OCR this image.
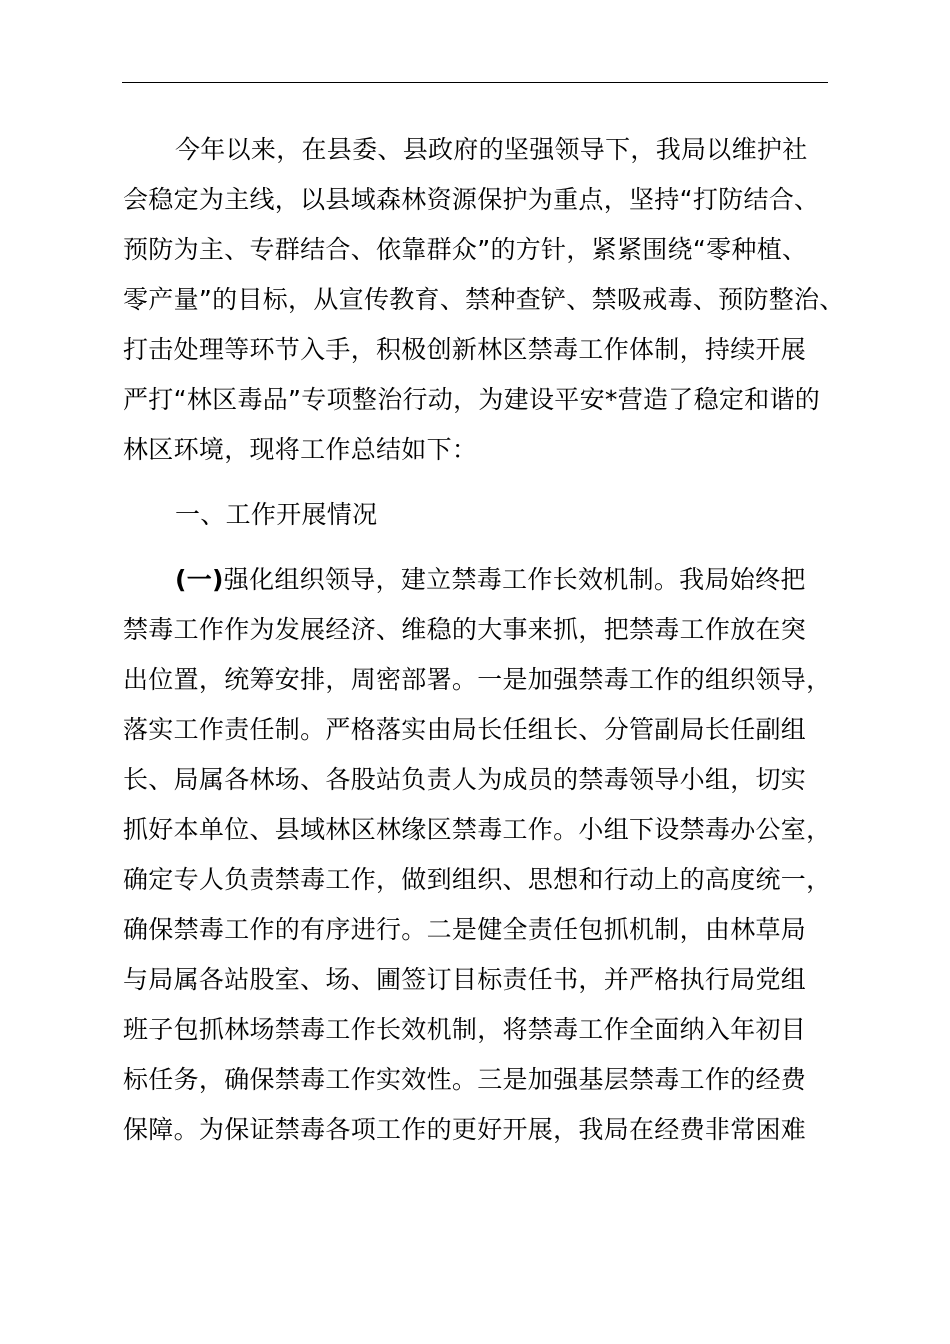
今年以来，在县委、县政府的坚强领导下，我局以维护社
会稳定为主线，以县域森林资源保护为重点，坚持“打防结合、
预防为主、专群结合、依靠群众”的方针，紧紧围绕“零种植、
零产量”的目标，从宣传教育、禁种查铲、禁吸戒毒、预防整治、
打击处理等环节入手，积极创新林区禁毒工作体制，持续开展
严打“林区毒品”专项整治行动，为建设平安*营造了稳定和谐的
林区环境，现将工作总结如下：
一、工作开展情况
(一)强化组织领导，建立禁毒工作长效机制。我局始终把
禁毒工作作为发展经济、维稳的大事来抓，把禁毒工作放在突
出位置，统筹安排，周密部署。一是加强禁毒工作的组织领导，
落实工作责任制。严格落实由局长任组长、分管副局长任副组
长、局属各林场、各股站负责人为成员的禁毒领导小组，切实
抓好本单位、县域林区林缘区禁毒工作。小组下设禁毒办公室，
确定专人负责禁毒工作，做到组织、思想和行动上的高度统一，
确保禁毒工作的有序进行。二是健全责任包抓机制，由林草局
与局属各站股室、场、圃签订目标责任书，并严格执行局党组
班子包抓林场禁毒工作长效机制，将禁毒工作全面纳入年初目
标任务，确保禁毒工作实效性。三是加强基层禁毒工作的经费
保障。为保证禁毒各项工作的更好开展，我局在经费非常困难
